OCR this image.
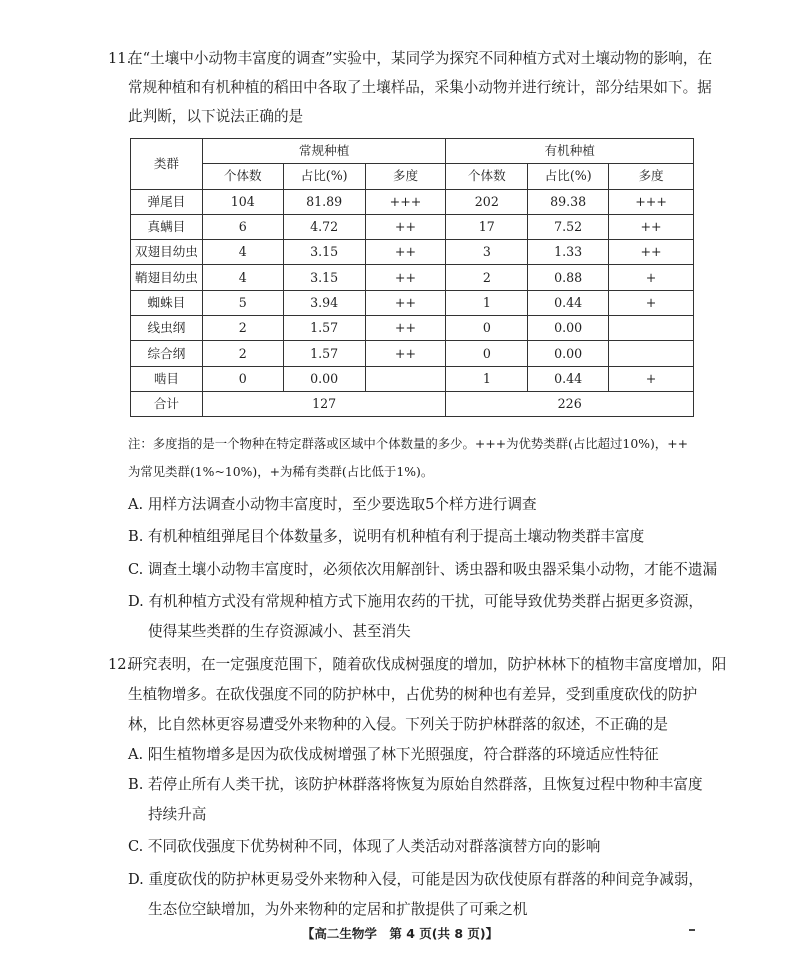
11.
在“土壤中小动物丰富度的调查”实验中，某同学为探究不同种植方式对土壤动物的影响，在
常规种植和有机种植的稻田中各取了土壤样品，采集小动物并进行统计，部分结果如下。据
此判断，以下说法正确的是
类群	常规种植			有机种植		
	个体数	占比(%)	多度	个体数	占比(%)	多度
弹尾目	104	81.89	+++	202	89.38	+++
真螨目	6	4.72	++	17	7.52	++
双翅目幼虫	4	3.15	++	3	1.33	++
鞘翅目幼虫	4	3.15	++	2	0.88	+
蜘蛛目	5	3.94	++	1	0.44	+
线虫纲	2	1.57	++	0	0.00	
综合纲	2	1.57	++	0	0.00	
啮目	0	0.00		1	0.44	+
合计	127			226		
注：多度指的是一个物种在特定群落或区域中个体数量的多少。+++为优势类群(占比超过10%)，++
为常见类群(1%~10%)，+为稀有类群(占比低于1%)。
A. 用样方法调查小动物丰富度时，至少要选取5个样方进行调查
B. 有机种植组弹尾目个体数量多，说明有机种植有利于提高土壤动物类群丰富度
C. 调查土壤小动物丰富度时，必须依次用解剖针、诱虫器和吸虫器采集小动物，才能不遗漏
D. 有机种植方式没有常规种植方式下施用农药的干扰，可能导致优势类群占据更多资源，
使得某些类群的生存资源减小、甚至消失
12.
研究表明，在一定强度范围下，随着砍伐成树强度的增加，防护林林下的植物丰富度增加，阳
生植物增多。在砍伐强度不同的防护林中，占优势的树种也有差异，受到重度砍伐的防护
林，比自然林更容易遭受外来物种的入侵。下列关于防护林群落的叙述，不正确的是
A. 阳生植物增多是因为砍伐成树增强了林下光照强度，符合群落的环境适应性特征
B. 若停止所有人类干扰，该防护林群落将恢复为原始自然群落，且恢复过程中物种丰富度
持续升高
C. 不同砍伐强度下优势树种不同，体现了人类活动对群落演替方向的影响
D. 重度砍伐的防护林更易受外来物种入侵，可能是因为砍伐使原有群落的种间竞争减弱，
生态位空缺增加，为外来物种的定居和扩散提供了可乘之机
【高二生物学　第 4 页(共 8 页)】
